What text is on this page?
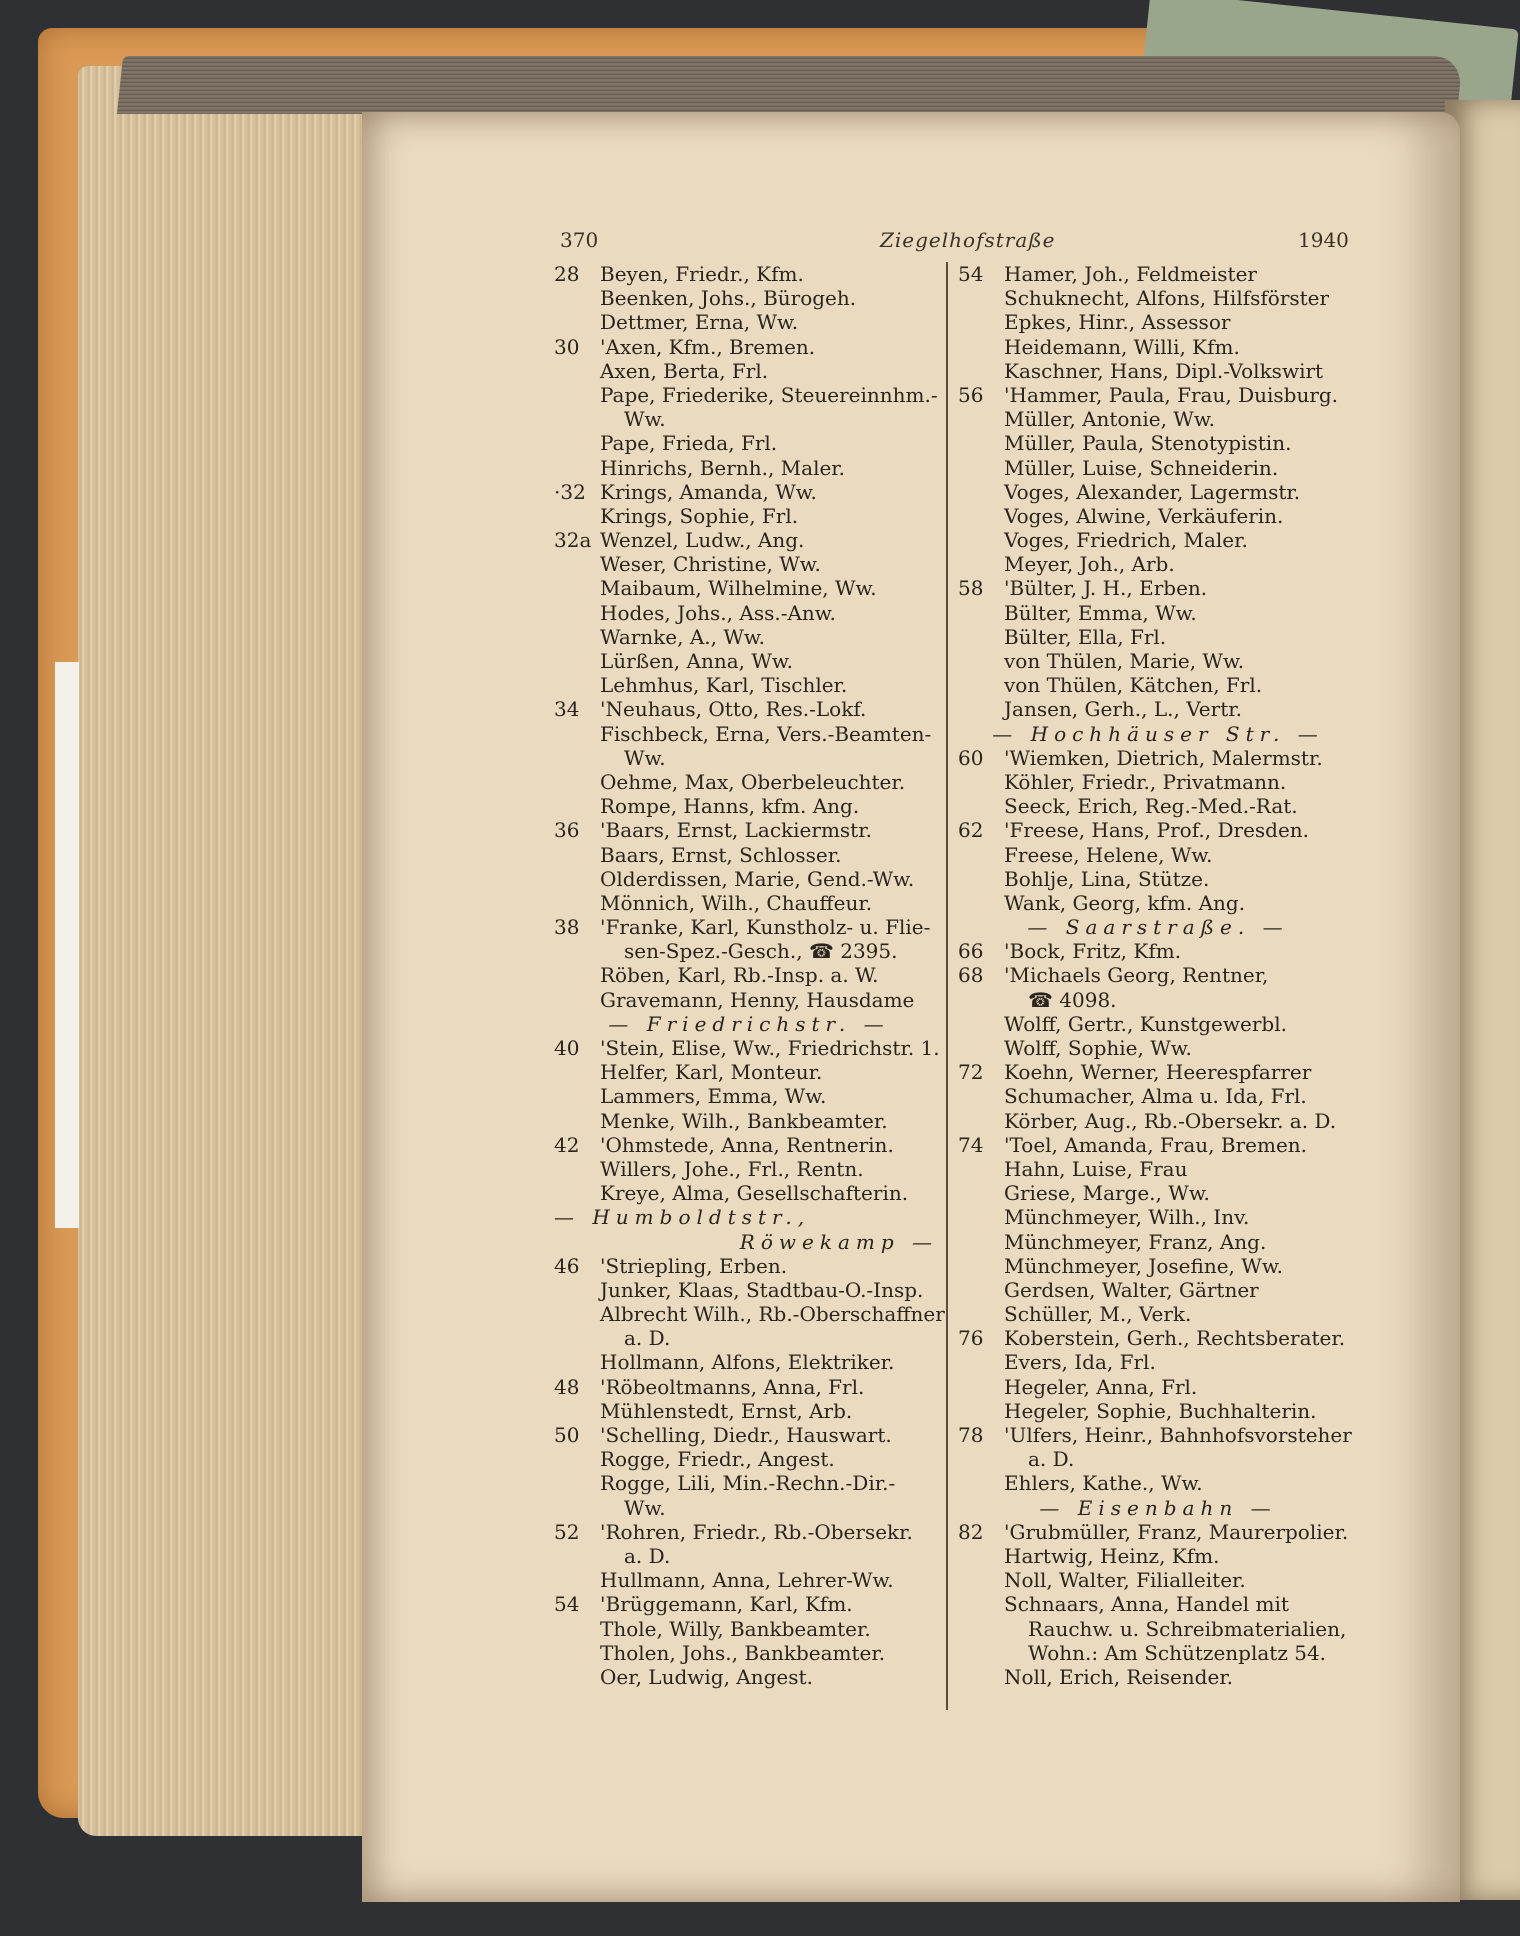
370	Ziegelhofstraße	1940
28	Beyen, Friedr., Kfm.
Beenken, Johs., Bürogeh.
Dettmer, Erna, Ww.
30	'Axen, Kfm., Bremen.
Axen, Berta, Frl.
Pape, Friederike, Steuereinnhm.-
Ww.
Pape, Frieda, Frl.
Hinrichs, Bernh., Maler.
·32 Krings, Amanda, Ww.
Krings, Sophie, Frl.
32a Wenzel, Ludw., Ang.
Weser, Christine, Ww.
Maibaum, Wilhelmine, Ww.
Hodes, Johs., Ass.-Anw.
Warnke, A., Ww.
Lürßen, Anna, Ww.
Lehmhus, Karl, Tischler.
34	'Neuhaus, Otto, Res.-Lokf.
Fischbeck, Erna, Vers.-Beamten-
Ww.
Oehme, Max, Oberbeleuchter.
Rompe, Hanns, kfm. Ang.
36	'Baars, Ernst, Lackiermstr.
Baars, Ernst, Schlosser.
Olderdissen, Marie, Gend.-Ww.
Mönnich, Wilh., Chauffeur.
38	'Franke, Karl, Kunstholz- u. Flie-
sen-Spez.-Gesch., ☎ 2395.
Röben, Karl, Rb.-Insp. a. W.
Gravemann, Henny, Hausdame
— Friedrichstr. —
40	'Stein, Elise, Ww., Friedrichstr. 1.
Helfer, Karl, Monteur.
Lammers, Emma, Ww.
Menke, Wilh., Bankbeamter.
42	'Ohmstede, Anna, Rentnerin.
Willers, Johe., Frl., Rentn.
Kreye, Alma, Gesellschafterin.
— Humboldtstr.,
Röwekamp —
46	'Striepling, Erben.
Junker, Klaas, Stadtbau-O.-Insp.
Albrecht Wilh., Rb.-Oberschaffner
a. D.
Hollmann, Alfons, Elektriker.
48	'Röbeoltmanns, Anna, Frl.
Mühlenstedt, Ernst, Arb.
50	'Schelling, Diedr., Hauswart.
Rogge, Friedr., Angest.
Rogge, Lili, Min.-Rechn.-Dir.-
Ww.
52	'Rohren, Friedr., Rb.-Obersekr.
a. D.
Hullmann, Anna, Lehrer-Ww.
54	'Brüggemann, Karl, Kfm.
Thole, Willy, Bankbeamter.
Tholen, Johs., Bankbeamter.
Oer, Ludwig, Angest.
54	Hamer, Joh., Feldmeister
Schuknecht, Alfons, Hilfsförster
Epkes, Hinr., Assessor
Heidemann, Willi, Kfm.
Kaschner, Hans, Dipl.-Volkswirt
56	'Hammer, Paula, Frau, Duisburg.
Müller, Antonie, Ww.
Müller, Paula, Stenotypistin.
Müller, Luise, Schneiderin.
Voges, Alexander, Lagermstr.
Voges, Alwine, Verkäuferin.
Voges, Friedrich, Maler.
Meyer, Joh., Arb.
58	'Bülter, J. H., Erben.
Bülter, Emma, Ww.
Bülter, Ella, Frl.
von Thülen, Marie, Ww.
von Thülen, Kätchen, Frl.
Jansen, Gerh., L., Vertr.
— Hochhäuser Str. —
60	'Wiemken, Dietrich, Malermstr.
Köhler, Friedr., Privatmann.
Seeck, Erich, Reg.-Med.-Rat.
62	'Freese, Hans, Prof., Dresden.
Freese, Helene, Ww.
Bohlje, Lina, Stütze.
Wank, Georg, kfm. Ang.
— Saarstraße. —
66	'Bock, Fritz, Kfm.
68	'Michaels Georg, Rentner,
☎ 4098.
Wolff, Gertr., Kunstgewerbl.
Wolff, Sophie, Ww.
72	Koehn, Werner, Heerespfarrer
Schumacher, Alma u. Ida, Frl.
Körber, Aug., Rb.-Obersekr. a. D.
74	'Toel, Amanda, Frau, Bremen.
Hahn, Luise, Frau
Griese, Marge., Ww.
Münchmeyer, Wilh., Inv.
Münchmeyer, Franz, Ang.
Münchmeyer, Josefine, Ww.
Gerdsen, Walter, Gärtner
Schüller, M., Verk.
76	Koberstein, Gerh., Rechtsberater.
Evers, Ida, Frl.
Hegeler, Anna, Frl.
Hegeler, Sophie, Buchhalterin.
78	'Ulfers, Heinr., Bahnhofsvorsteher
a. D.
Ehlers, Kathe., Ww.
— Eisenbahn —
82	'Grubmüller, Franz, Maurerpolier.
Hartwig, Heinz, Kfm.
Noll, Walter, Filialleiter.
Schnaars, Anna, Handel mit
Rauchw. u. Schreibmaterialien,
Wohn.: Am Schützenplatz 54.
Noll, Erich, Reisender.
